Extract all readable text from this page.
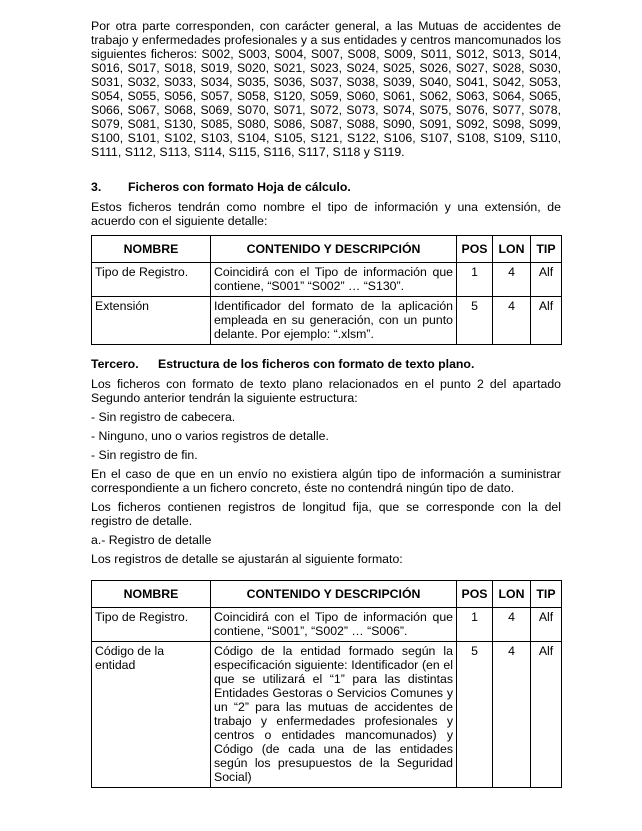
Por otra parte corresponden, con carácter general, a las Mutuas de accidentes de trabajo y enfermedades profesionales y a sus entidades y centros mancomunados los siguientes ficheros: S002, S003, S004, S007, S008, S009, S011, S012, S013, S014, S016, S017, S018, S019, S020, S021, S023, S024, S025, S026, S027, S028, S030, S031, S032, S033, S034, S035, S036, S037, S038, S039, S040, S041, S042, S053, S054, S055, S056, S057, S058, S120, S059, S060, S061, S062, S063, S064, S065, S066, S067, S068, S069, S070, S071, S072, S073, S074, S075, S076, S077, S078, S079, S081, S130, S085, S080, S086, S087, S088, S090, S091, S092, S098, S099, S100, S101, S102, S103, S104, S105, S121, S122, S106, S107, S108, S109, S110, S111, S112, S113, S114, S115, S116, S117, S118 y S119.

3.	Ficheros con formato Hoja de cálculo.

Estos ficheros tendrán como nombre el tipo de información y una extensión, de acuerdo con el siguiente detalle:

NOMBRE	CONTENIDO Y DESCRIPCIÓN	POS	LON	TIP
Tipo de Registro.	Coincidirá con el Tipo de información que contiene, “S001” “S002” … “S130”.	1	4	Alf
Extensión	Identificador del formato de la aplicación empleada en su generación, con un punto delante. Por ejemplo: “.xlsm”.	5	4	Alf
Tercero.	Estructura de los ficheros con formato de texto plano.

Los ficheros con formato de texto plano relacionados en el punto 2 del apartado Segundo anterior tendrán la siguiente estructura:

- Sin registro de cabecera.

- Ninguno, uno o varios registros de detalle.

- Sin registro de fin.

En el caso de que en un envío no existiera algún tipo de información a suministrar correspondiente a un fichero concreto, éste no contendrá ningún tipo de dato.

Los ficheros contienen registros de longitud fija, que se corresponde con la del registro de detalle.

a.- Registro de detalle

Los registros de detalle se ajustarán al siguiente formato:

NOMBRE	CONTENIDO Y DESCRIPCIÓN	POS	LON	TIP
Tipo de Registro.	Coincidirá con el Tipo de información que contiene, “S001”, “S002” … “S006”.	1	4	Alf
Código de la entidad	Código de la entidad formado según la especificación siguiente: Identificador (en el que se utilizará el “1” para las distintas Entidades Gestoras o Servicios Comunes y un “2” para las mutuas de accidentes de trabajo y enfermedades profesionales y centros o entidades mancomunados) y Código (de cada una de las entidades según los presupuestos de la Seguridad Social)	5	4	Alf
